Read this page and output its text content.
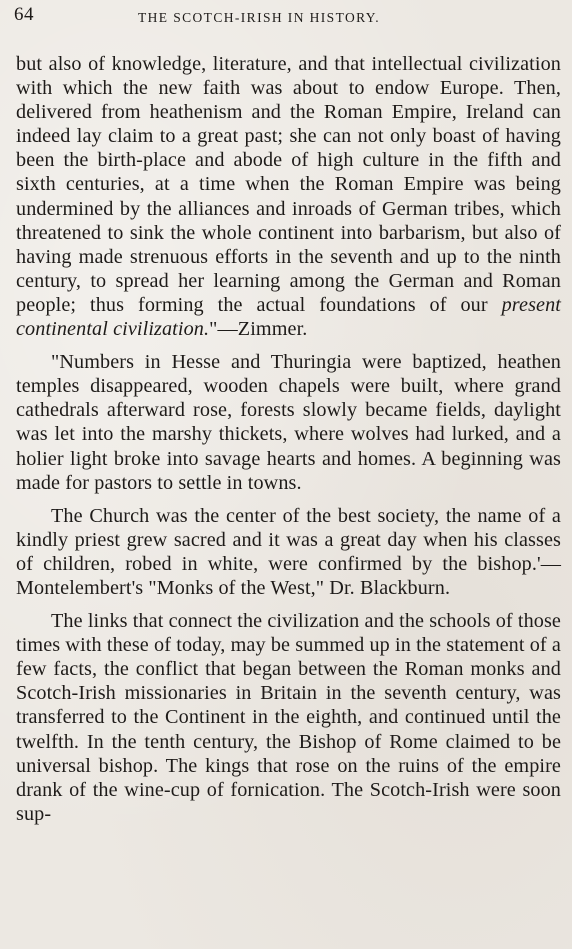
64	THE SCOTCH-IRISH IN HISTORY.

but also of knowledge, literature, and that intellectual civilization with which the new faith was about to endow Europe. Then, delivered from heathenism and the Roman Empire, Ireland can indeed lay claim to a great past; she can not only boast of having been the birth-place and abode of high culture in the fifth and sixth centuries, at a time when the Roman Empire was being undermined by the alliances and inroads of German tribes, which threatened to sink the whole continent into barbarism, but also of having made strenuous efforts in the seventh and up to the ninth century, to spread her learning among the German and Roman people; thus forming the actual foundations of our present continental civilization."—Zimmer.

"Numbers in Hesse and Thuringia were baptized, heathen temples disappeared, wooden chapels were built, where grand cathedrals afterward rose, forests slowly became fields, daylight was let into the marshy thickets, where wolves had lurked, and a holier light broke into savage hearts and homes. A beginning was made for pastors to settle in towns.

The Church was the center of the best society, the name of a kindly priest grew sacred and it was a great day when his classes of children, robed in white, were confirmed by the bishop.'—Montelembert's "Monks of the West," Dr. Blackburn.

The links that connect the civilization and the schools of those times with these of today, may be summed up in the statement of a few facts, the conflict that began between the Roman monks and Scotch-Irish missionaries in Britain in the seventh century, was transferred to the Continent in the eighth, and continued until the twelfth. In the tenth century, the Bishop of Rome claimed to be universal bishop. The kings that rose on the ruins of the empire drank of the wine-cup of fornication. The Scotch-Irish were soon sup-
